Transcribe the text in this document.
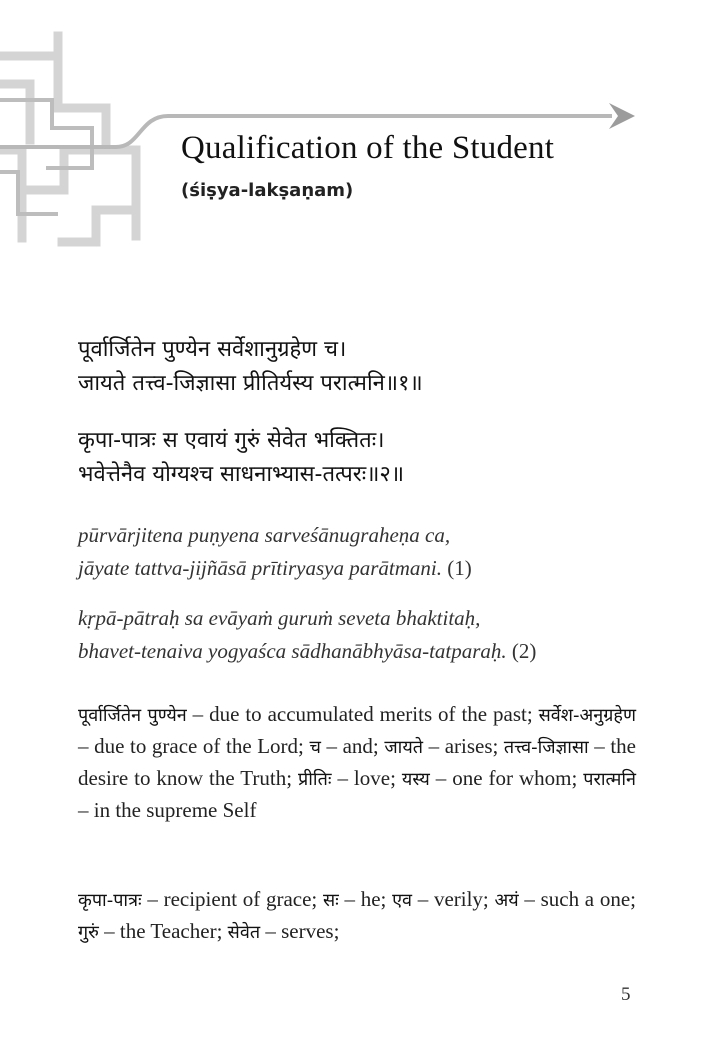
Qualification of the Student
(śiṣya-lakṣaṇam)

पूर्वार्जितेन पुण्येन सर्वेशानुग्रहेण च।

जायते तत्त्व-जिज्ञासा प्रीतिर्यस्य परात्मनि॥१॥

कृपा-पात्रः स एवायं गुरुं सेवेत भक्तितः।

भवेत्तेनैव योग्यश्च साधनाभ्यास-तत्परः॥२॥

pūrvārjitena puṇyena sarveśānugraheṇa ca,

jāyate tattva-jijñāsā prītiryasya parātmani. (1)

kṛpā-pātraḥ sa evāyaṁ guruṁ seveta bhaktitaḥ,

bhavet-tenaiva yogyaśca sādhanābhyāsa-tatparaḥ. (2)

पूर्वार्जितेन पुण्येन – due to accumulated merits of the past; सर्वेश-अनुग्रहेण – due to grace of the Lord; च – and; जायते – arises; तत्त्व-जिज्ञासा – the desire to know the Truth; प्रीतिः – love; यस्य – one for whom; परात्मनि – in the supreme Self
कृपा-पात्रः – recipient of grace; सः – he; एव – verily; अयं – such a one; गुरुं – the Teacher; सेवेत – serves;
5
